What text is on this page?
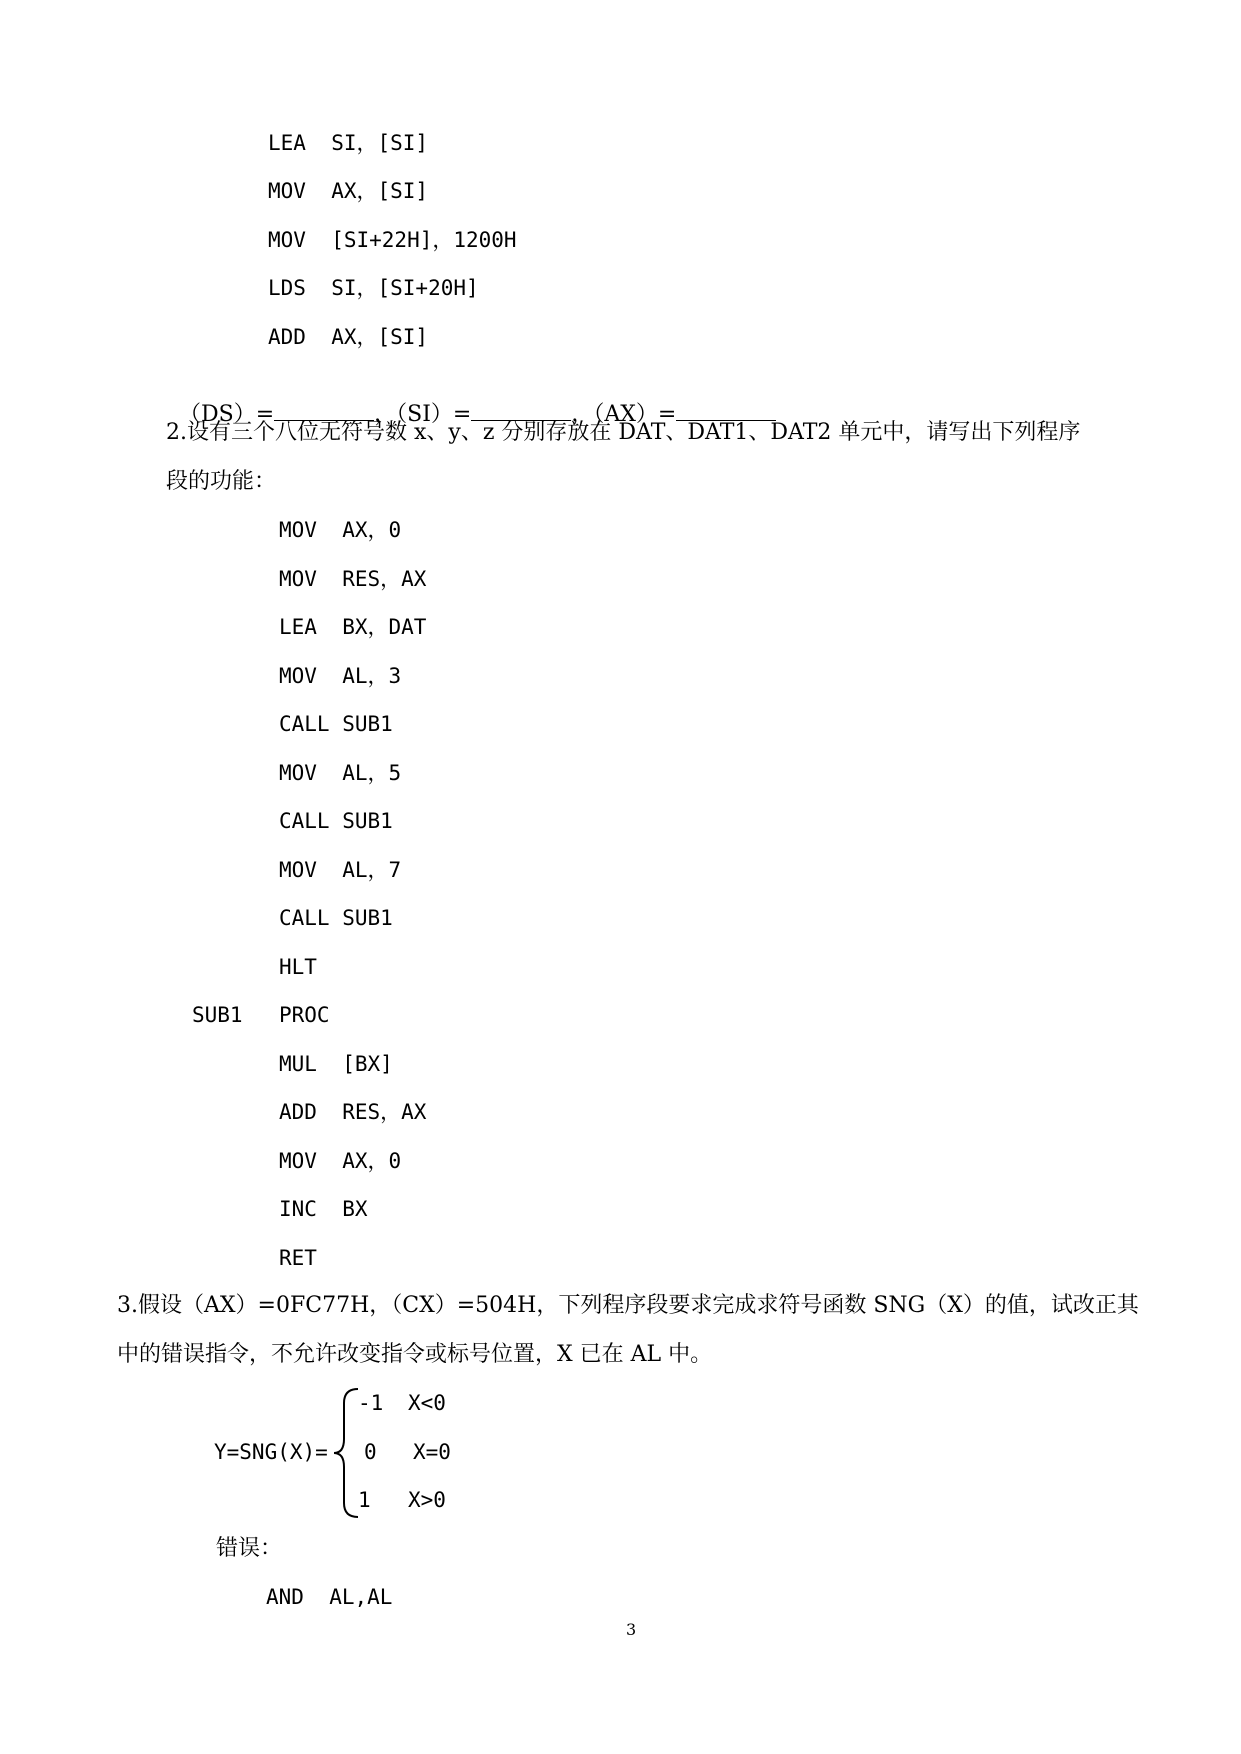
LEA  SI，[SI]
MOV  AX，[SI]
MOV  [SI+22H]，1200H
LDS  SI，[SI+20H]
ADD  AX，[SI]

（DS）=	，（SI）=	，（AX）=

2.设有三个八位无符号数 x、y、z 分别存放在 DAT、DAT1、DAT2 单元中，请写出下列程序
段的功能：
MOV  AX，0
MOV  RES，AX
LEA  BX，DAT
MOV  AL，3
CALL SUB1
MOV  AL，5
CALL SUB1
MOV  AL，7
CALL SUB1
HLT
SUB1 PROC
MUL  [BX]
ADD  RES，AX
MOV  AX，0
INC  BX
RET
3.假设（AX）=0FC77H，（CX）=504H，下列程序段要求完成求符号函数 SNG（X）的值，试改正其
中的错误指令，不允许改变指令或标号位置，X 已在 AL 中。
Y=SNG(X)=
-1 X<0
0 X=0
1 X>0
错误：
AND  AL,AL
3
